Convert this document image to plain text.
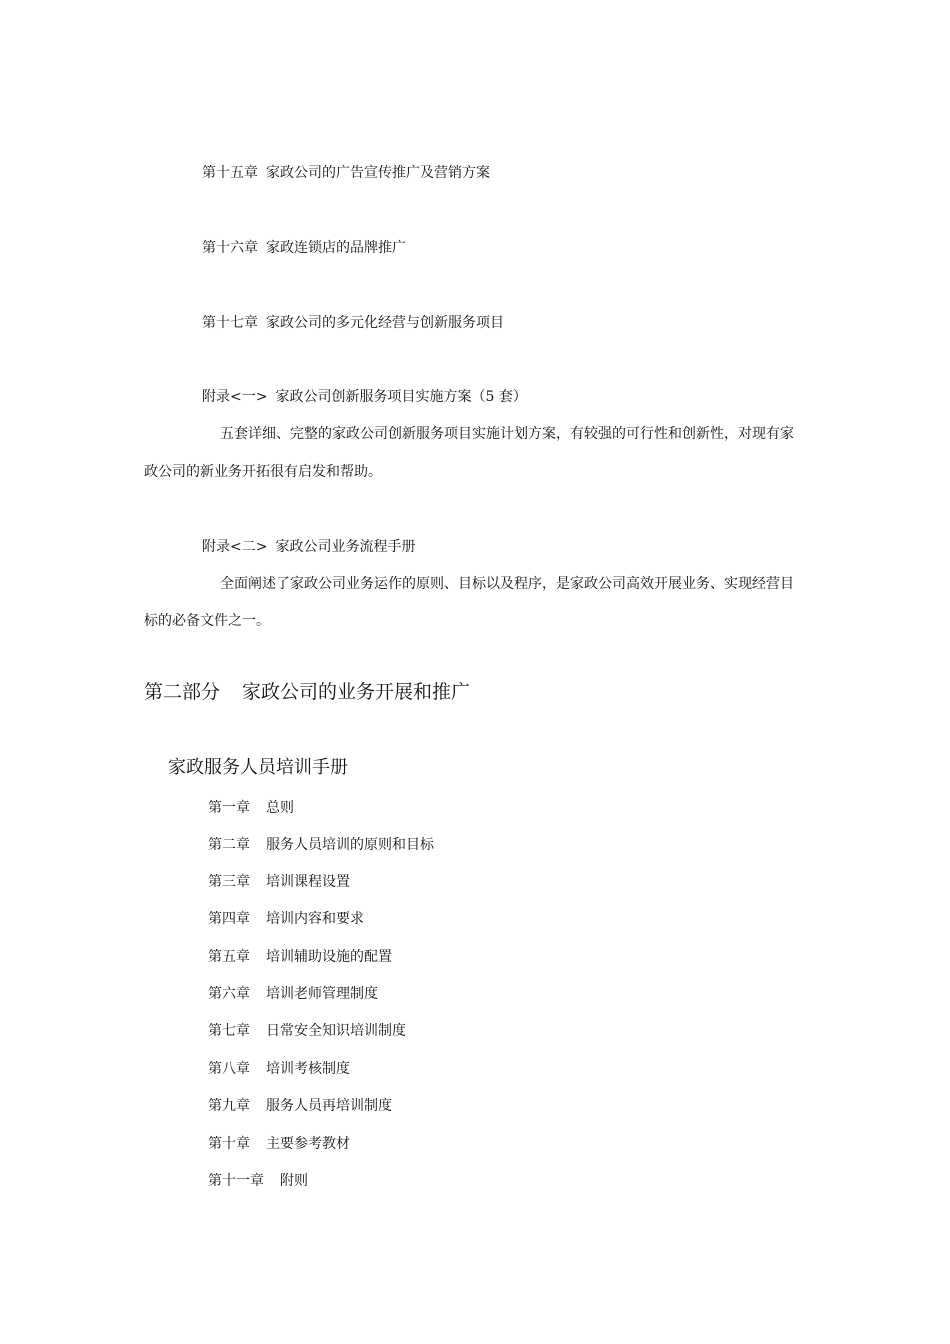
第十五章 家政公司的广告宣传推广及营销方案

第十六章 家政连锁店的品牌推广

第十七章 家政公司的多元化经营与创新服务项目

附录<一> 家政公司创新服务项目实施方案（5 套）

五套详细、完整的家政公司创新服务项目实施计划方案，有较强的可行性和创新性，对现有家

政公司的新业务开拓很有启发和帮助。

附录<二> 家政公司业务流程手册

全面阐述了家政公司业务运作的原则、目标以及程序，是家政公司高效开展业务、实现经营目

标的必备文件之一。

第二部分 家政公司的业务开展和推广
家政服务人员培训手册

第一章 总则

第二章 服务人员培训的原则和目标

第三章 培训课程设置

第四章 培训内容和要求

第五章 培训辅助设施的配置

第六章 培训老师管理制度

第七章 日常安全知识培训制度

第八章 培训考核制度

第九章 服务人员再培训制度

第十章 主要参考教材

第十一章 附则
